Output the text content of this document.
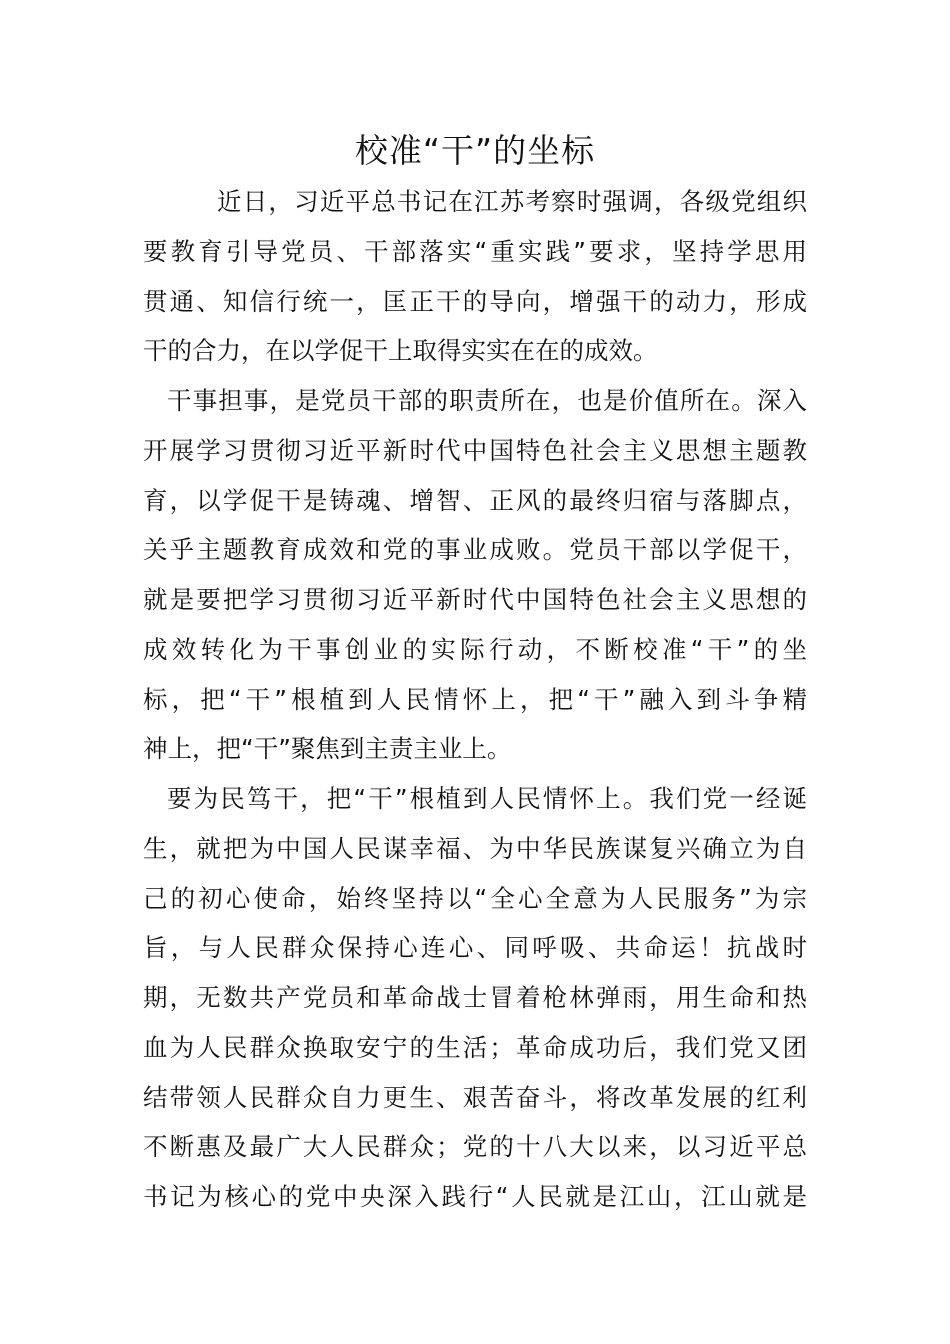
校准“干”的坐标
近日，习近平总书记在江苏考察时强调，各级党组织
要教育引导党员、干部落实“重实践”要求，坚持学思用
贯通、知信行统一，匡正干的导向，增强干的动力，形成
干的合力，在以学促干上取得实实在在的成效。
干事担事，是党员干部的职责所在，也是价值所在。深入
开展学习贯彻习近平新时代中国特色社会主义思想主题教
育，以学促干是铸魂、增智、正风的最终归宿与落脚点，
关乎主题教育成效和党的事业成败。党员干部以学促干，
就是要把学习贯彻习近平新时代中国特色社会主义思想的
成效转化为干事创业的实际行动，不断校准“干”的坐
标，把“干”根植到人民情怀上，把“干”融入到斗争精
神上，把“干”聚焦到主责主业上。
要为民笃干，把“干”根植到人民情怀上。我们党一经诞
生，就把为中国人民谋幸福、为中华民族谋复兴确立为自
己的初心使命，始终坚持以“全心全意为人民服务”为宗
旨，与人民群众保持心连心、同呼吸、共命运！抗战时
期，无数共产党员和革命战士冒着枪林弹雨，用生命和热
血为人民群众换取安宁的生活；革命成功后，我们党又团
结带领人民群众自力更生、艰苦奋斗，将改革发展的红利
不断惠及最广大人民群众；党的十八大以来，以习近平总
书记为核心的党中央深入践行“人民就是江山，江山就是
